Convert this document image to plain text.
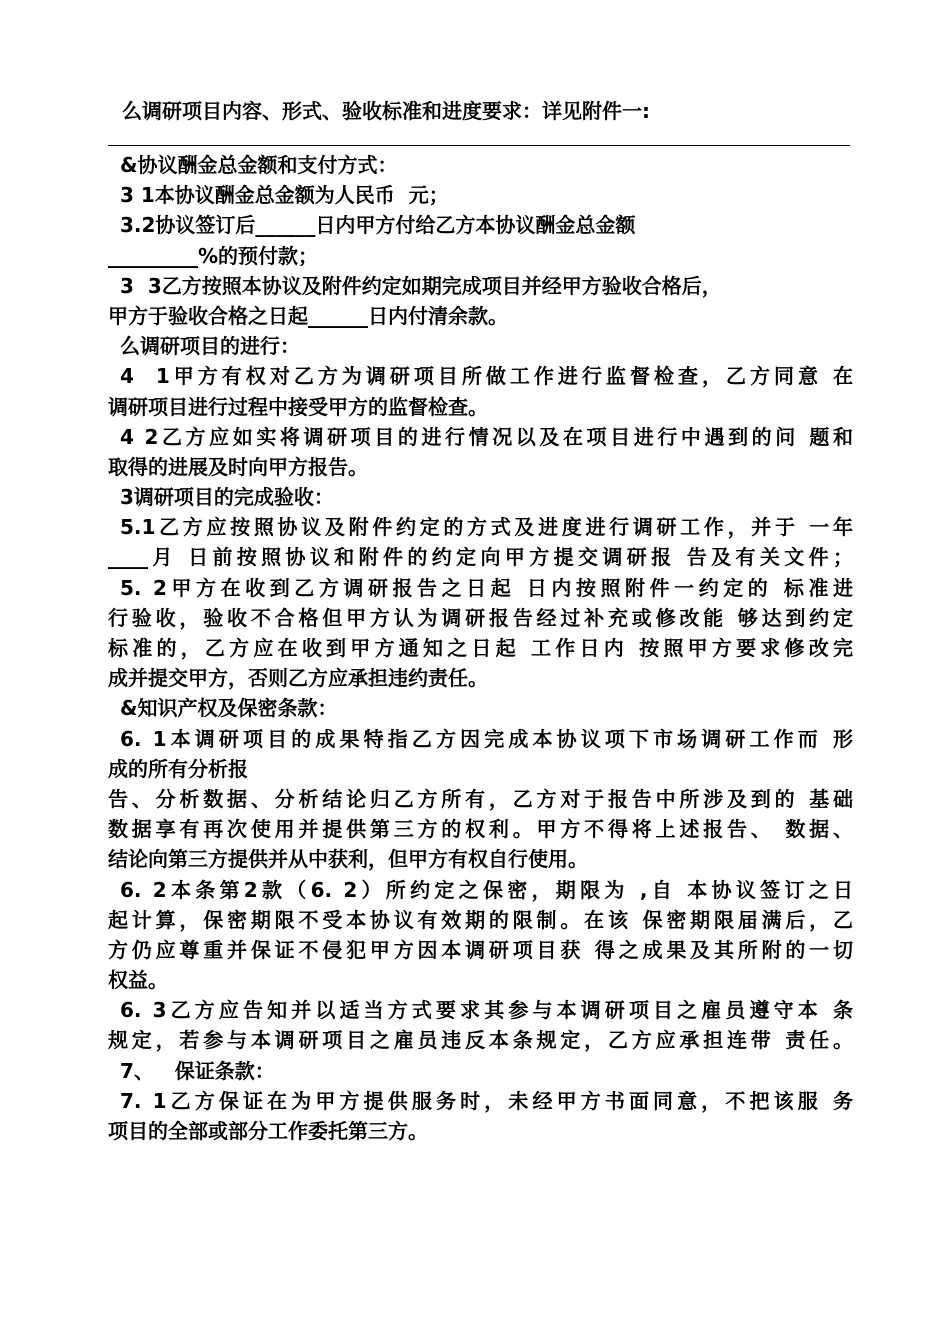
么调研项目内容、形式、验收标准和进度要求：详见附件一:
&协议酬金总金额和支付方式：
3 1本协议酬金总金额为人民币  元；
3.2协议签订后______日内甲方付给乙方本协议酬金总金额
_________%的预付款；
3  3乙方按照本协议及附件约定如期完成项目并经甲方验收合格后，
甲方于验收合格之日起______日内付清余款。
么调研项目的进行：
4  1甲方有权对乙方为调研项目所做工作进行监督检查，乙方同意 在
调研项目进行过程中接受甲方的监督检查。
4 2乙方应如实将调研项目的进行情况以及在项目进行中遇到的问 题和
取得的进展及时向甲方报告。
3调研项目的完成验收：
5.1乙方应按照协议及附件约定的方式及进度进行调研工作，并于 一年
____月 日前按照协议和附件的约定向甲方提交调研报 告及有关文件；
5. 2甲方在收到乙方调研报告之日起 日内按照附件一约定的 标准进
行验收，验收不合格但甲方认为调研报告经过补充或修改能 够达到约定
标准的，乙方应在收到甲方通知之日起 工作日内 按照甲方要求修改完
成并提交甲方，否则乙方应承担违约责任。
&知识产权及保密条款：
6. 1本调研项目的成果特指乙方因完成本协议项下市场调研工作而 形
成的所有分析报
告、分析数据、分析结论归乙方所有，乙方对于报告中所涉及到的 基础
数据享有再次使用并提供第三方的权利。甲方不得将上述报告、 数据、
结论向第三方提供并从中获利，但甲方有权自行使用。
6. 2本条第2款（6. 2）所约定之保密，期限为 ,自 本协议签订之日
起计算，保密期限不受本协议有效期的限制。在该 保密期限届满后，乙
方仍应尊重并保证不侵犯甲方因本调研项目获 得之成果及其所附的一切
权益。
6. 3乙方应告知并以适当方式要求其参与本调研项目之雇员遵守本 条
规定，若参与本调研项目之雇员违反本条规定，乙方应承担连带 责任。
7、   保证条款：
7. 1乙方保证在为甲方提供服务时，未经甲方书面同意，不把该服 务
项目的全部或部分工作委托第三方。
